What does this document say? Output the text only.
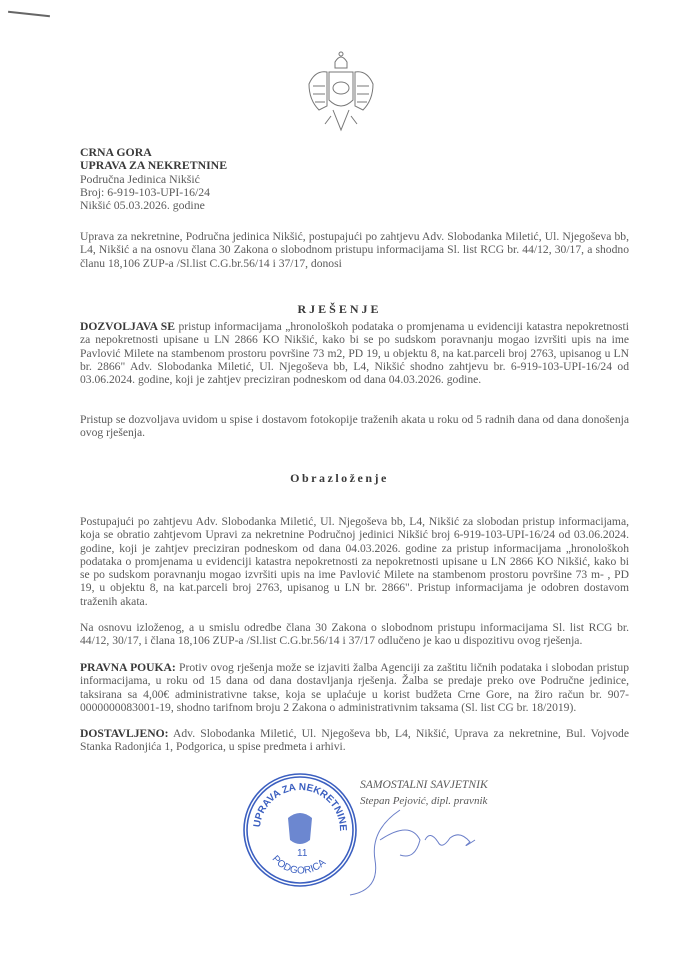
CRNA GORA
UPRAVA ZA NEKRETNINE
Područna Jedinica Nikšić
Broj: 6-919-103-UPI-16/24
Nikšić 05.03.2026. godine
Uprava za nekretnine, Područna jedinica Nikšić, postupajući po zahtjevu Adv. Slobodanka Miletić, Ul. Njegoševa bb, L4, Nikšić a na osnovu člana 30 Zakona o slobodnom pristupu informacijama Sl. list RCG br. 44/12, 30/17, a shodno članu 18,106 ZUP-a /Sl.list C.G.br.56/14 i 37/17, donosi
RJEŠENJE
DOZVOLJAVA SE pristup informacijama „hronološkoh podataka o promjenama u evidenciji katastra nepokretnosti za nepokretnosti upisane u LN 2866 KO Nikšić, kako bi se po sudskom poravnanju mogao izvršiti upis na ime Pavlović Milete na stambenom prostoru površine 73 m2, PD 19, u objektu 8, na kat.parceli broj 2763, upisanog u LN br. 2866" Adv. Slobodanka Miletić, Ul. Njegoševa bb, L4, Nikšić shodno zahtjevu br. 6-919-103-UPI-16/24 od 03.06.2024. godine, koji je zahtjev preciziran podneskom od dana 04.03.2026. godine.
Pristup se dozvoljava uvidom u spise i dostavom fotokopije traženih akata u roku od 5 radnih dana od dana donošenja ovog rješenja.
Obrazloženje
Postupajući po zahtjevu Adv. Slobodanka Miletić, Ul. Njegoševa bb, L4, Nikšić za slobodan pristup informacijama, koja se obratio zahtjevom Upravi za nekretnine Područnoj jedinici Nikšić broj 6-919-103-UPI-16/24 od 03.06.2024. godine, koji je zahtjev preciziran podneskom od dana 04.03.2026. godine za pristup informacijama „hronološkoh podataka o promjenama u evidenciji katastra nepokretnosti za nepokretnosti upisane u LN 2866 KO Nikšić, kako bi se po sudskom poravnanju mogao izvršiti upis na ime Pavlović Milete na stambenom prostoru površine 73 m- , PD 19, u objektu 8, na kat.parceli broj 2763, upisanog u LN br. 2866". Pristup informacijama je odobren dostavom traženih akata.
Na osnovu izloženog, a u smislu odredbe člana 30 Zakona o slobodnom pristupu informacijama Sl. list RCG br. 44/12, 30/17, i člana 18,106 ZUP-a /Sl.list C.G.br.56/14 i 37/17 odlučeno je kao u dispozitivu ovog rješenja.
PRAVNA POUKA: Protiv ovog rješenja može se izjaviti žalba Agenciji za zaštitu ličnih podataka i slobodan pristup informacijama, u roku od 15 dana od dana dostavljanja rješenja. Žalba se predaje preko ove Područne jedinice, taksirana sa 4,00€ administrativne takse, koja se uplaćuje u korist budžeta Crne Gore, na žiro račun br. 907-0000000083001-19, shodno tarifnom broju 2 Zakona o administrativnim taksama (Sl. list CG br. 18/2019).
DOSTAVLJENO: Adv. Slobodanka Miletić, Ul. Njegoševa bb, L4, Nikšić, Uprava za nekretnine, Bul. Vojvode Stanka Radonjića 1, Podgorica, u spise predmeta i arhivi.
UPRAVA ZA NEKRETNINE
PODGORICA
11
SAMOSTALNI SAVJETNIK
Stepan Pejović, dipl. pravnik
